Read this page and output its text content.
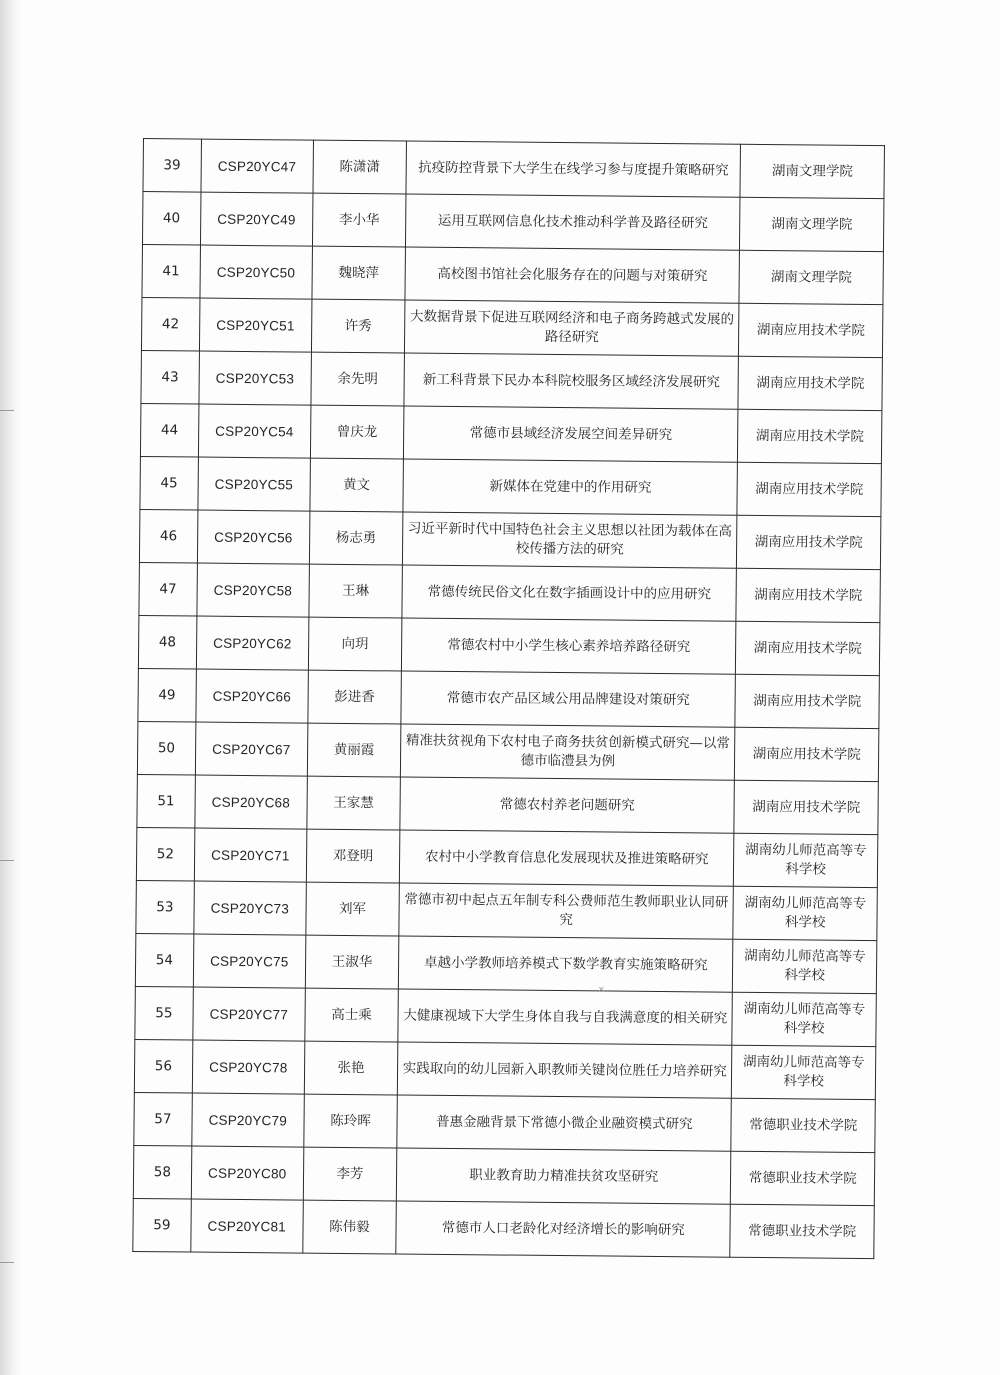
39	CSP20YC47	陈潇潇	抗疫防控背景下大学生在线学习参与度提升策略研究	湖南文理学院
40	CSP20YC49	李小华	运用互联网信息化技术推动科学普及路径研究	湖南文理学院
41	CSP20YC50	魏晓萍	高校图书馆社会化服务存在的问题与对策研究	湖南文理学院
42	CSP20YC51	许秀	大数据背景下促进互联网经济和电子商务跨越式发展的路径研究	湖南应用技术学院
43	CSP20YC53	余先明	新工科背景下民办本科院校服务区域经济发展研究	湖南应用技术学院
44	CSP20YC54	曾庆龙	常德市县域经济发展空间差异研究	湖南应用技术学院
45	CSP20YC55	黄文	新媒体在党建中的作用研究	湖南应用技术学院
46	CSP20YC56	杨志勇	习近平新时代中国特色社会主义思想以社团为载体在高校传播方法的研究	湖南应用技术学院
47	CSP20YC58	王琳	常德传统民俗文化在数字插画设计中的应用研究	湖南应用技术学院
48	CSP20YC62	向玥	常德农村中小学生核心素养培养路径研究	湖南应用技术学院
49	CSP20YC66	彭进香	常德市农产品区域公用品牌建设对策研究	湖南应用技术学院
50	CSP20YC67	黄丽霞	精准扶贫视角下农村电子商务扶贫创新模式研究—以常德市临澧县为例	湖南应用技术学院
51	CSP20YC68	王家慧	常德农村养老问题研究	湖南应用技术学院
52	CSP20YC71	邓登明	农村中小学教育信息化发展现状及推进策略研究	湖南幼儿师范高等专科学校
53	CSP20YC73	刘军	常德市初中起点五年制专科公费师范生教师职业认同研究	湖南幼儿师范高等专科学校
54	CSP20YC75	王淑华	卓越小学教师培养模式下数学教育实施策略研究	湖南幼儿师范高等专科学校
55	CSP20YC77	高士乘	大健康视域下大学生身体自我与自我满意度的相关研究	湖南幼儿师范高等专科学校
56	CSP20YC78	张艳	实践取向的幼儿园新入职教师关键岗位胜任力培养研究	湖南幼儿师范高等专科学校
57	CSP20YC79	陈玲晖	普惠金融背景下常德小微企业融资模式研究	常德职业技术学院
58	CSP20YC80	李芳	职业教育助力精准扶贫攻坚研究	常德职业技术学院
59	CSP20YC81	陈伟毅	常德市人口老龄化对经济增长的影响研究	常德职业技术学院
✕
